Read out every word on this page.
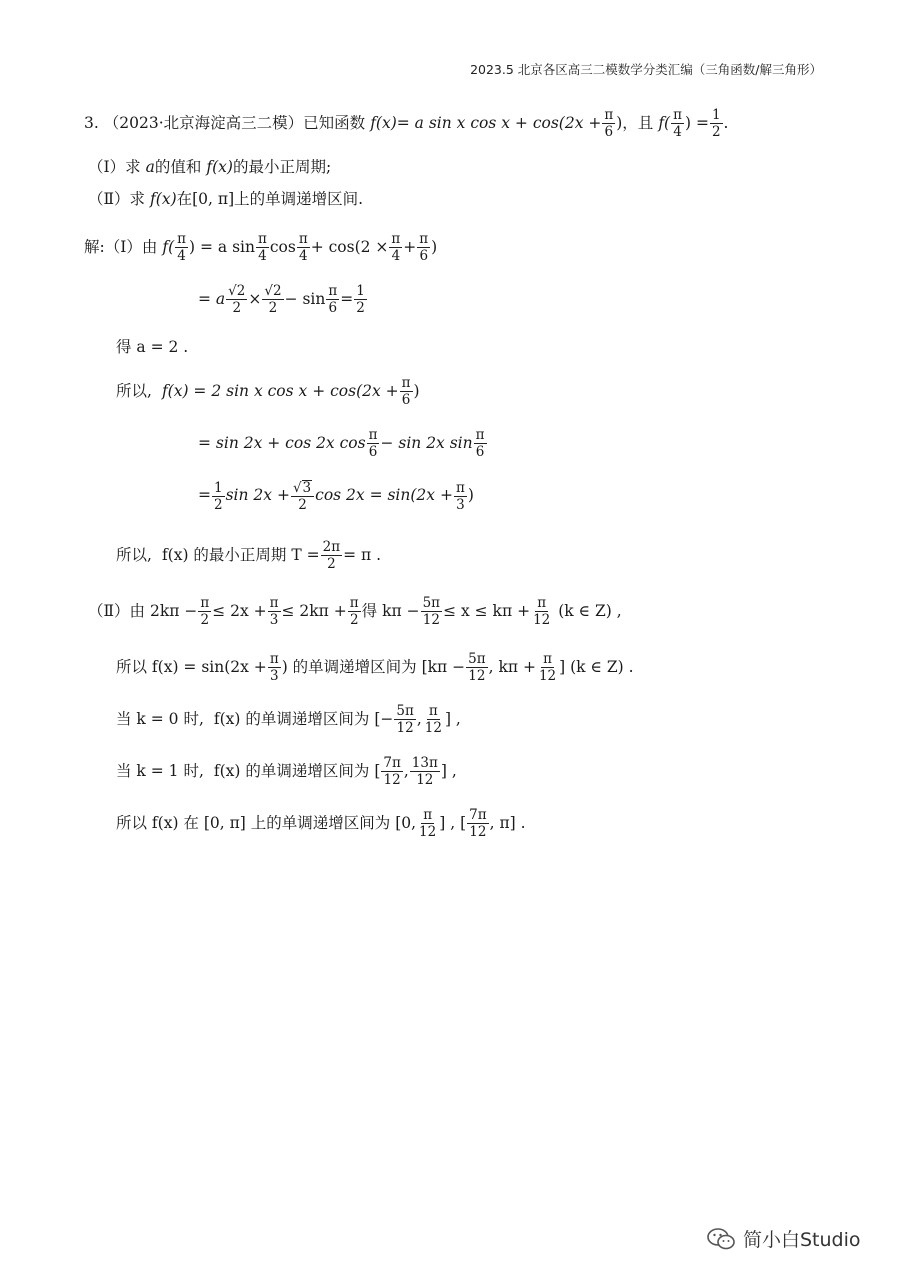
2023.5 北京各区高三二模数学分类汇编（三角函数/解三角形）
3. （2023·北京海淀高三二模） 已知函数 f(x) = a sin x $\cos x + \cos(2x + \frac{\pi}{6}$ )， 且 $f( \frac{\pi}{4}$ ) = $\frac{1}{2}$ .
（Ⅰ）求 a 的值和 f(x) 的最小正周期;
（Ⅱ）求 f(x) 在[0, π]上的单调递增区间.
解:（Ⅰ）由 $f( \frac{\pi}{4}$ ) = a $\sin \frac{\pi}{4}$ $\cos \frac{\pi}{4} + \cos(2 \times \frac{\pi}{4} + \frac{\pi}{6}$ )
= a $\frac{√2}{2} \times \frac{√2}{2} - \sin \frac{\pi}{6} = \frac{1}{2}$
得 a = 2 .
所以, f(x) = 2 sin x $\cos x + \cos(2x + \frac{\pi}{6}$ )
= sin 2x + cos 2x $\cos \frac{\pi}{6} - \sin 2x$ $\sin \frac{\pi}{6}$
= $\frac{1}{2}$ $\sin 2x + \frac{√ 3}{2}$ $\cos 2x = \sin(2x + \frac{\pi}{3}$ )
所以, f(x) 的最小正周期 $T = \frac{2\pi}{2} = \pi$ .
（Ⅱ）由 $2k\pi - \frac{\pi}{2} \le 2x + \frac{\pi}{3} \le 2k\pi + \frac{\pi}{2}$ 得 $k\pi - \frac{5\pi}{12} \le x \le k\pi + \frac{\pi}{12} (k$ ∈ Z) ,
所以 $f(x) = \sin(2x + \frac{\pi}{3}$ ) 的单调递增区间为 [$k\pi - \frac{5\pi}{12}$ , $k\pi + \frac{\pi}{12}$ ] (k ∈ Z) .
当 k = 0 时, f(x) 的单调递增区间为 [− $\frac{5\pi}{12}$ , $\frac{\pi}{12}$ ] ,
当 k = 1 时, f(x) 的单调递增区间为 [ $\frac{7\pi}{12}$ , $\frac{13\pi}{12}$ ] ,
所以 f(x) 在 [0, π] 上的单调递增区间为 [0, $\frac{\pi}{12}$ ] , [ $\frac{7\pi}{12}$ , π] .
简小白Studio
